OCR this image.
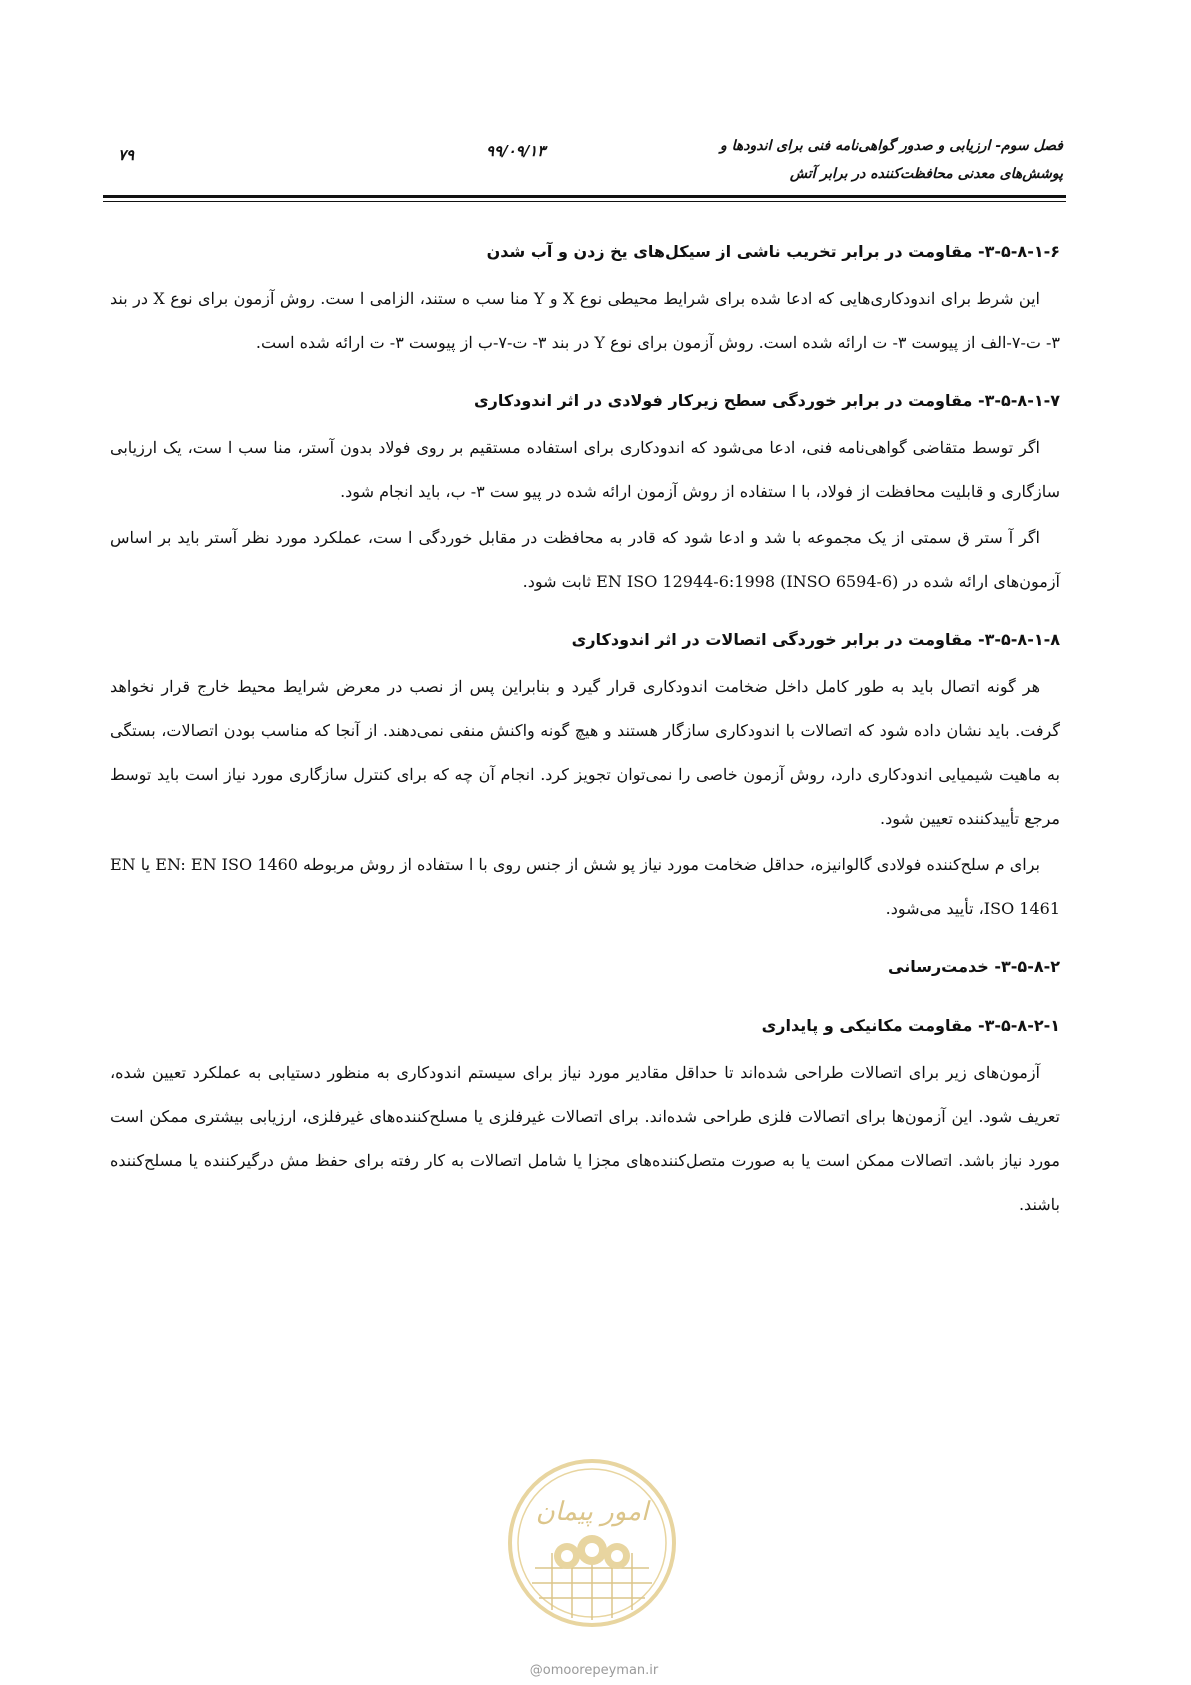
فصل سوم- ارزیابی و صدور گواهی‌نامه فنی برای اندودها و
پوشش‌های معدنی محافظت‌کننده در برابر آتش
۹۹/۰۹/۱۳
۷۹
۳-۵-۸-۱-۶- مقاومت در برابر تخریب ناشی از سیکل‌های یخ زدن و آب شدن

این شرط برای اندودکاری‌هایی که ادعا شده برای شرایط محیطی نوع X و Y منا سب ه ستند، الزامی ا ست. روش آزمون برای نوع X در بند ۳- ت-۷-الف از پیوست ۳- ت ارائه شده است. روش آزمون برای نوع Y در بند ۳- ت-۷-ب از پیوست ۳- ت ارائه شده است.

۳-۵-۸-۱-۷- مقاومت در برابر خوردگی سطح زیرکار فولادی در اثر اندودکاری

اگر توسط متقاضی گواهی‌نامه فنی، ادعا می‌شود که اندودکاری برای استفاده مستقیم بر روی فولاد بدون آستر، منا سب ا ست، یک ارزیابی سازگاری و قابلیت محافظت از فولاد، با ا ستفاده از روش آزمون ارائه شده در پیو ست ۳- ب، باید انجام شود.

اگر آ ستر ق سمتی از یک مجموعه با شد و ادعا شود که قادر به محافظت در مقابل خوردگی ا ست، عملکرد مورد نظر آستر باید بر اساس آزمون‌های ارائه شده در (INSO 6594-6) EN ISO 12944-6:1998 ثابت شود.

۳-۵-۸-۱-۸- مقاومت در برابر خوردگی اتصالات در اثر اندودکاری

هر گونه اتصال باید به طور کامل داخل ضخامت اندودکاری قرار گیرد و بنابراین پس از نصب در معرض شرایط محیط خارج قرار نخواهد گرفت. باید نشان داده شود که اتصالات با اندودکاری سازگار هستند و هیچ گونه واکنش منفی نمی‌دهند. از آنجا که مناسب بودن اتصالات، بستگی به ماهیت شیمیایی اندودکاری دارد، روش آزمون خاصی را نمی‌توان تجویز کرد. انجام آن چه که برای کنترل سازگاری مورد نیاز است باید توسط مرجع تأییدکننده تعیین شود.

برای م سلح‌کننده فولادی گالوانیزه، حداقل ضخامت مورد نیاز پو شش از جنس روی با ا ستفاده از روش مربوطه EN: EN ISO 1460 یا EN ISO 1461، تأیید می‌شود.

۳-۵-۸-۲- خدمت‌رسانی
۳-۵-۸-۲-۱- مقاومت مکانیکی و پایداری

آزمون‌های زیر برای اتصالات طراحی شده‌اند تا حداقل مقادیر مورد نیاز برای سیستم اندودکاری به منظور دستیابی به عملکرد تعیین شده، تعریف شود. این آزمون‌ها برای اتصالات فلزی طراحی شده‌اند. برای اتصالات غیرفلزی یا مسلح‌کننده‌های غیرفلزی، ارزیابی بیشتری ممکن است مورد نیاز باشد. اتصالات ممکن است یا به صورت متصل‌کننده‌های مجزا یا شامل اتصالات به کار رفته برای حفظ مش درگیرکننده یا مسلح‌کننده باشند.

امور پیمان
@omoorepeyman.ir
